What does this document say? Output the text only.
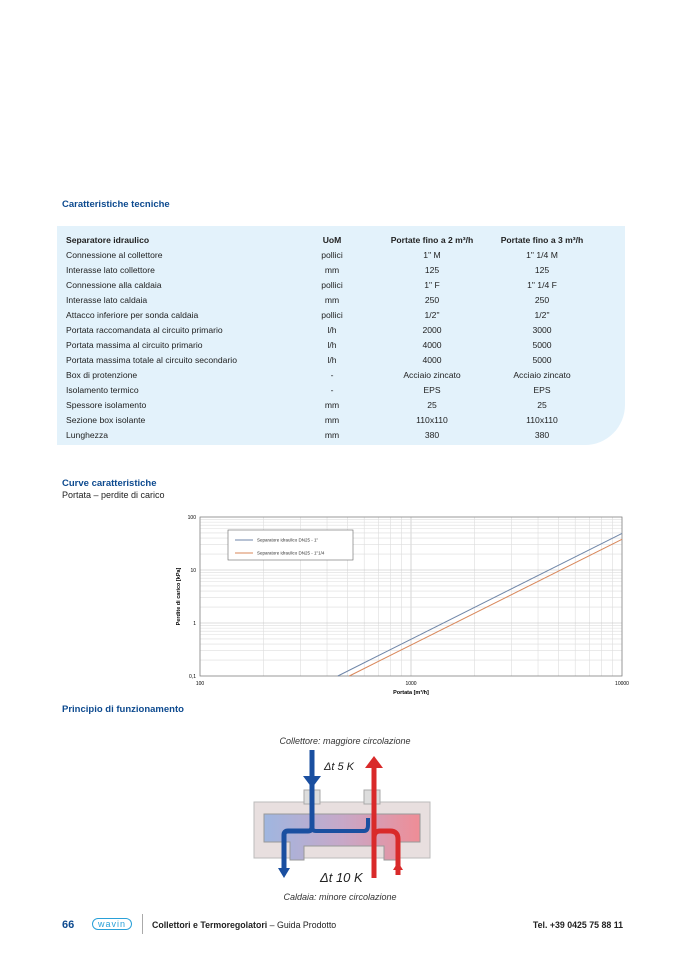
Caratteristiche tecniche
Separatore idraulico	UoM	Portate fino a 2 m³/h	Portate fino a 3 m³/h
Connessione al collettore	pollici	1" M	1" 1/4 M
Interasse lato collettore	mm	125	125
Connessione alla caldaia	pollici	1" F	1" 1/4 F
Interasse lato caldaia	mm	250	250
Attacco inferiore per sonda caldaia	pollici	1/2"	1/2"
Portata raccomandata al circuito primario	l/h	2000	3000
Portata massima al circuito primario	l/h	4000	5000
Portata massima totale al circuito secondario	l/h	4000	5000
Box di protenzione	-	Acciaio zincato	Acciaio zincato
Isolamento termico	-	EPS	EPS
Spessore isolamento	mm	25	25
Sezione box isolante	mm	110x110	110x110
Lunghezza	mm	380	380
Curve caratteristiche
Portata – perdite di carico
100	1000	10000
0,1
1
10
100
Portata [m³/h]
Perdite di carico [kPa]
Separatore idraulico DN25 - 1"
Separatore idraulico DN25 - 1"1/4
Principio di funzionamento
Collettore: maggiore circolazione
Δt 5 K
Δt 10 K
Caldaia: minore circolazione
66	wavin	Collettori e Termoregolatori – Guida Prodotto	Tel. +39 0425 75 88 11
